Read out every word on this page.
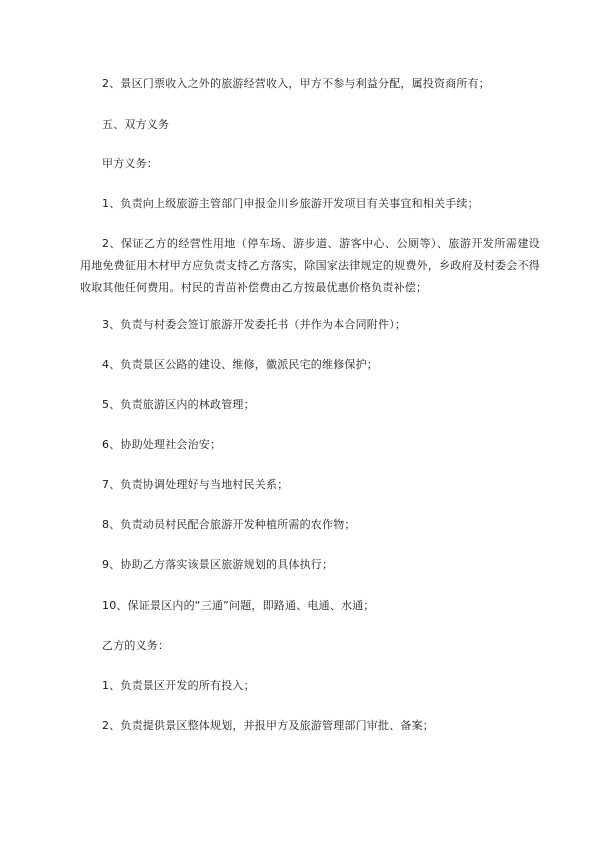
2、景区门票收入之外的旅游经营收入，甲方不参与利益分配，属投资商所有；
五、双方义务
甲方义务：
1、负责向上级旅游主管部门申报金川乡旅游开发项目有关事宜和相关手续；
2、保证乙方的经营性用地（停车场、游步道、游客中心、公厕等）、旅游开发所需建设用地免费征用木材甲方应负责支持乙方落实，除国家法律规定的规费外，乡政府及村委会不得收取其他任何费用。村民的青苗补偿费由乙方按最优惠价格负责补偿；
3、负责与村委会签订旅游开发委托书（并作为本合同附件）；
4、负责景区公路的建设、维修，徽派民宅的维修保护；
5、负责旅游区内的林政管理；
6、协助处理社会治安；
7、负责协调处理好与当地村民关系；
8、负责动员村民配合旅游开发种植所需的农作物；
9、协助乙方落实该景区旅游规划的具体执行；
10、保证景区内的“三通”问题，即路通、电通、水通；
乙方的义务：
1、负责景区开发的所有投入；
2、负责提供景区整体规划，并报甲方及旅游管理部门审批、备案；
